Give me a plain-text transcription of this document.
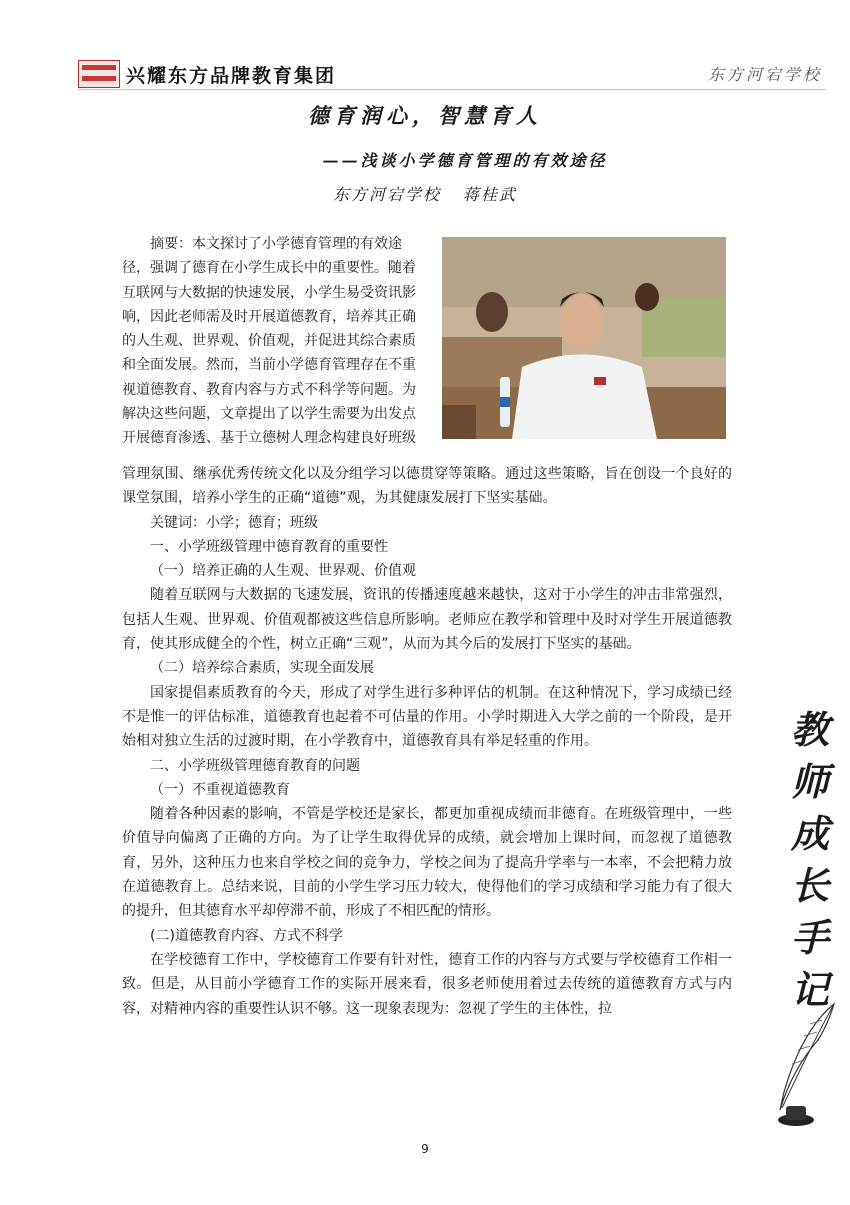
兴耀东方品牌教育集团	东方河宕学校
德育润心，智慧育人
——浅谈小学德育管理的有效途径
东方河宕学校 蒋桂武
摘要：本文探讨了小学德育管理的有效途
径，强调了德育在小学生成长中的重要性。随着
互联网与大数据的快速发展，小学生易受资讯影
响，因此老师需及时开展道德教育，培养其正确
的人生观、世界观、价值观，并促进其综合素质
和全面发展。然而，当前小学德育管理存在不重
视道德教育、教育内容与方式不科学等问题。为
解决这些问题，文章提出了以学生需要为出发点
开展德育渗透、基于立德树人理念构建良好班级

管理氛围、继承优秀传统文化以及分组学习以德贯穿等策略。通过这些策略，旨在创设一个良好的课堂氛围，培养小学生的正确“道德”观，为其健康发展打下坚实基础。

关键词：小学；德育；班级

一、小学班级管理中德育教育的重要性

（一）培养正确的人生观、世界观、价值观

随着互联网与大数据的飞速发展，资讯的传播速度越来越快，这对于小学生的冲击非常强烈，包括人生观、世界观、价值观都被这些信息所影响。老师应在教学和管理中及时对学生开展道德教育，使其形成健全的个性，树立正确“三观”，从而为其今后的发展打下坚实的基础。

（二）培养综合素质，实现全面发展

国家提倡素质教育的今天，形成了对学生进行多种评估的机制。在这种情况下，学习成绩已经不是惟一的评估标准，道德教育也起着不可估量的作用。小学时期进入大学之前的一个阶段，是开始相对独立生活的过渡时期，在小学教育中，道德教育具有举足轻重的作用。

二、小学班级管理德育教育的问题

（一）不重视道德教育

随着各种因素的影响，不管是学校还是家长，都更加重视成绩而非德育。在班级管理中，一些价值导向偏离了正确的方向。为了让学生取得优异的成绩，就会增加上课时间，而忽视了道德教育，另外，这种压力也来自学校之间的竞争力，学校之间为了提高升学率与一本率，不会把精力放在道德教育上。总结来说，目前的小学生学习压力较大，使得他们的学习成绩和学习能力有了很大的提升，但其德育水平却停滞不前，形成了不相匹配的情形。

(二)道德教育内容、方式不科学

在学校德育工作中，学校德育工作要有针对性，德育工作的内容与方式要与学校德育工作相一致。但是，从目前小学德育工作的实际开展来看，很多老师使用着过去传统的道德教育方式与内容，对精神内容的重要性认识不够。这一现象表现为：忽视了学生的主体性，拉

教
师
成
长
手
记
9
